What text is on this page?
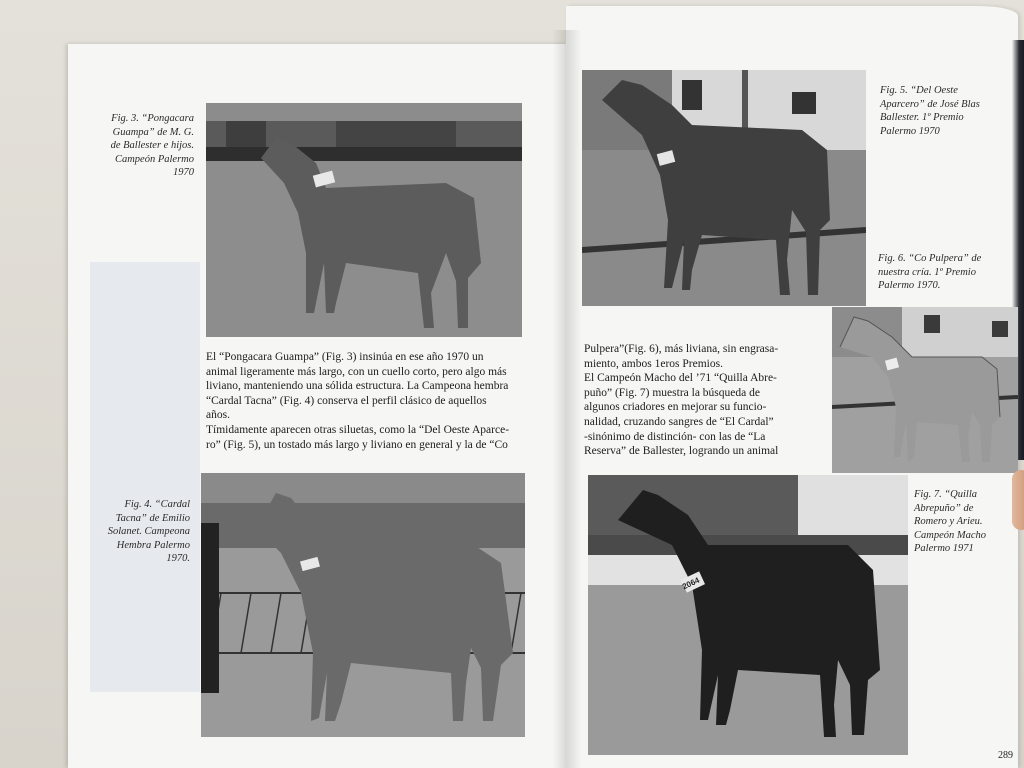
Fig. 3. “Pongacara
Guampa” de M. G.
de Ballester e hijos.
Campeón Palermo
1970

El “Pongacara Guampa” (Fig. 3) insinúa en ese año 1970 un

animal ligeramente más largo, con un cuello corto, pero algo más

liviano, manteniendo una sólida estructura. La Campeona hembra

“Cardal Tacna” (Fig. 4) conserva el perfil clásico de aquellos

años.

Tímidamente aparecen otras siluetas, como la “Del Oeste Aparce-

ro” (Fig. 5), un tostado más largo y liviano en general y la de “Co

Fig. 4. “Cardal
Tacna” de Emilio
Solanet. Campeona
Hembra Palermo
1970.
Fig. 5. “Del Oeste
Aparcero” de José Blas
Ballester. 1º Premio
Palermo 1970
Fig. 6. “Co Pulpera” de
nuestra cría. 1º Premio
Palermo 1970.

Pulpera”(Fig. 6), más liviana, sin engrasa-

miento, ambos 1eros Premios.

El Campeón Macho del ’71 “Quilla Abre-

puño” (Fig. 7) muestra la búsqueda de

algunos criadores en mejorar su funcio-

nalidad, cruzando sangres de “El Cardal”

-sinónimo de distinción- con las de “La

Reserva” de Ballester, logrando un animal

2064
Fig. 7. “Quilla
Abrepuño” de
Romero y Arieu.
Campeón Macho
Palermo 1971
289
